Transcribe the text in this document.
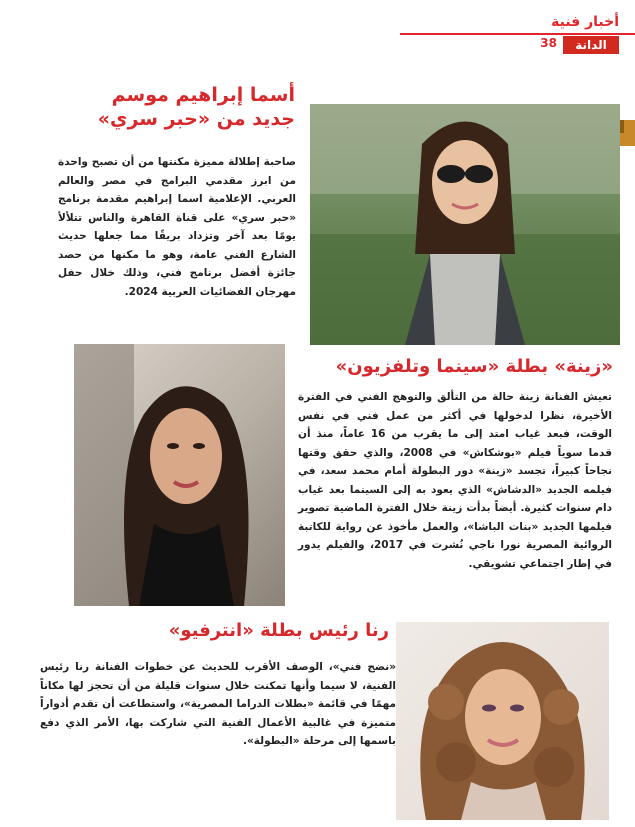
أخبار فنية
38	الدانة
أسما إبراهيم موسم
جديد من «حبر سري»
صاحبة إطلالة مميزة مكنتها من أن تصبح واحدة من ابرز مقدمي البرامج في مصر والعالم العربي. الإعلامية اسما إبراهيم مقدمة برنامج «حبر سري» على قناة القاهرة والناس تتلألأ يومًا بعد آخر وتزداد بريقًا مما جعلها حديث الشارع الفني عامة، وهو ما مكنها من حصد جائزة أفضل برنامج فني، وذلك خلال حفل مهرجان الفضائيات العربية 2024.
«زينة» بطلة «سينما وتلفزيون»
تعيش الفنانة زينة حالة من التألق والتوهج الفني في الفترة الأخيرة، نظرا لدخولها في أكثر من عمل فني في نفس الوقت، فبعد غياب امتد إلى ما يقرب من 16 عاماً، منذ أن قدما سوياً فيلم «بوشكاش» في 2008، والذي حقق وقتها نجاحاً كبيراً، تجسد «زينة» دور البطولة أمام محمد سعد، في فيلمه الجديد «الدشاش» الذي يعود به إلى السينما بعد غياب دام سنوات كثيرة. أيضاً بدأت زينة خلال الفترة الماضية تصوير فيلمها الجديد «بنات الباشا»، والعمل مأخوذ عن رواية للكاتبة الروائية المصرية نورا ناجي نُشرت في 2017، والفيلم يدور في إطار اجتماعي تشويقي.
رنا رئيس بطلة «انترفيو»
«نضج فني»، الوصف الأقرب للحديث عن خطوات الفنانة رنا رئيس الفنية، لا سيما وأنها تمكنت خلال سنوات قليلة من أن تحجز لها مكاناً مهمًا في قائمة «بطلات الدراما المصرية»، واستطاعت أن تقدم أدواراً متميزة في غالبية الأعمال الفنية التي شاركت بها، الأمر الذي دفع باسمها إلى مرحلة «البطولة».
